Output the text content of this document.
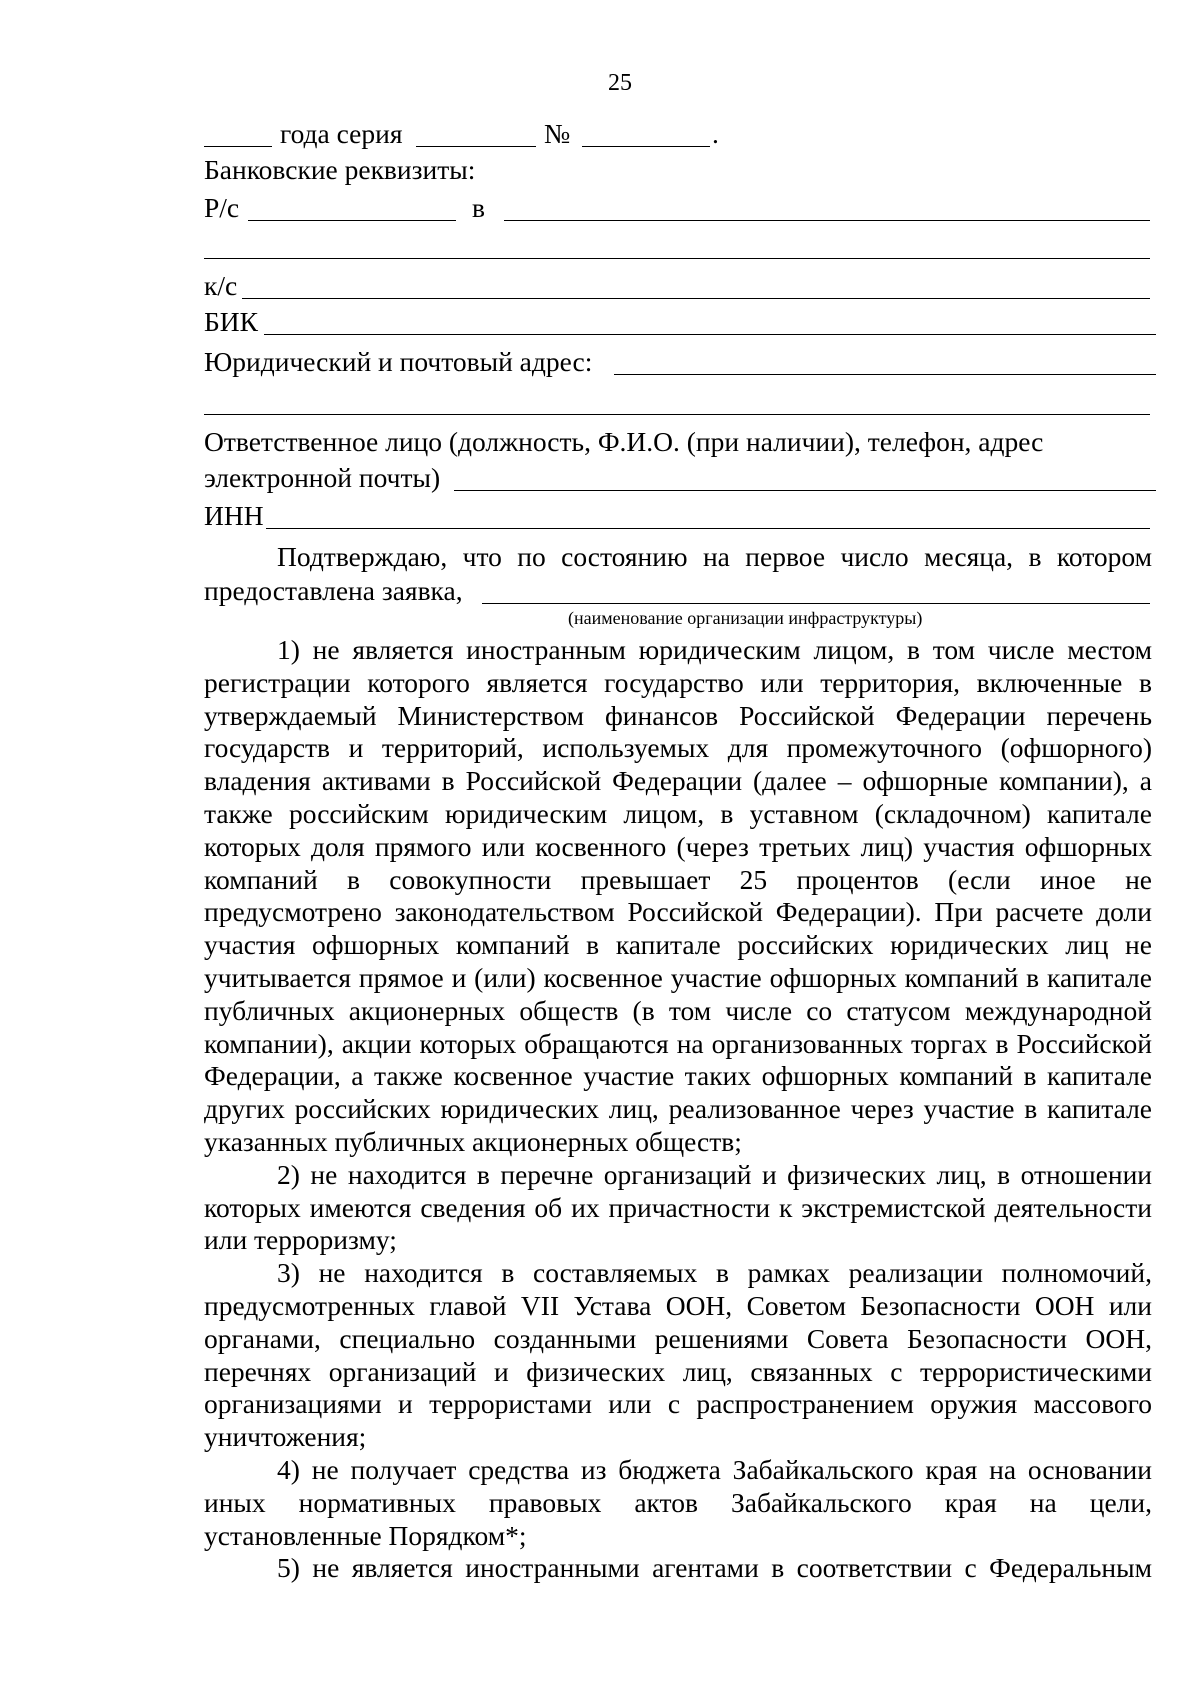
25
года серия	№	.
Банковские реквизиты:
Р/с	в
к/с
БИК
Юридический и почтовый адрес:
Ответственное лицо (должность, Ф.И.О. (при наличии), телефон, адрес
электронной почты)
ИНН
Подтверждаю, что по состоянию на первое число месяца, в котором
предоставлена заявка,
(наименование организации инфраструктуры)

1) не является иностранным юридическим лицом, в том числе местом регистрации которого является государство или территория, включенные в утверждаемый Министерством финансов Российской Федерации перечень государств и территорий, используемых для промежуточного (офшорного) владения активами в Российской Федерации (далее – офшорные компании), а также российским юридическим лицом, в уставном (складочном) капитале которых доля прямого или косвенного (через третьих лиц) участия офшорных компаний в совокупности превышает 25 процентов (если иное не предусмотрено законодательством Российской Федерации). При расчете доли участия офшорных компаний в капитале российских юридических лиц не учитывается прямое и (или) косвенное участие офшорных компаний в капитале публичных акционерных обществ (в том числе со статусом международной компании), акции которых обращаются на организованных торгах в Российской Федерации, а также косвенное участие таких офшорных компаний в капитале других российских юридических лиц, реализованное через участие в капитале указанных публичных акционерных обществ;

2) не находится в перечне организаций и физических лиц, в отношении которых имеются сведения об их причастности к экстремистской деятельности или терроризму;

3) не находится в составляемых в рамках реализации полномочий, предусмотренных главой VII Устава ООН, Советом Безопасности ООН или органами, специально созданными решениями Совета Безопасности ООН, перечнях организаций и физических лиц, связанных с террористическими организациями и террористами или с распространением оружия массового уничтожения;

4) не получает средства из бюджета Забайкальского края на основании иных нормативных правовых актов Забайкальского края на цели, установленные Порядком*;

5) не является иностранными агентами в соответствии с Федеральным
